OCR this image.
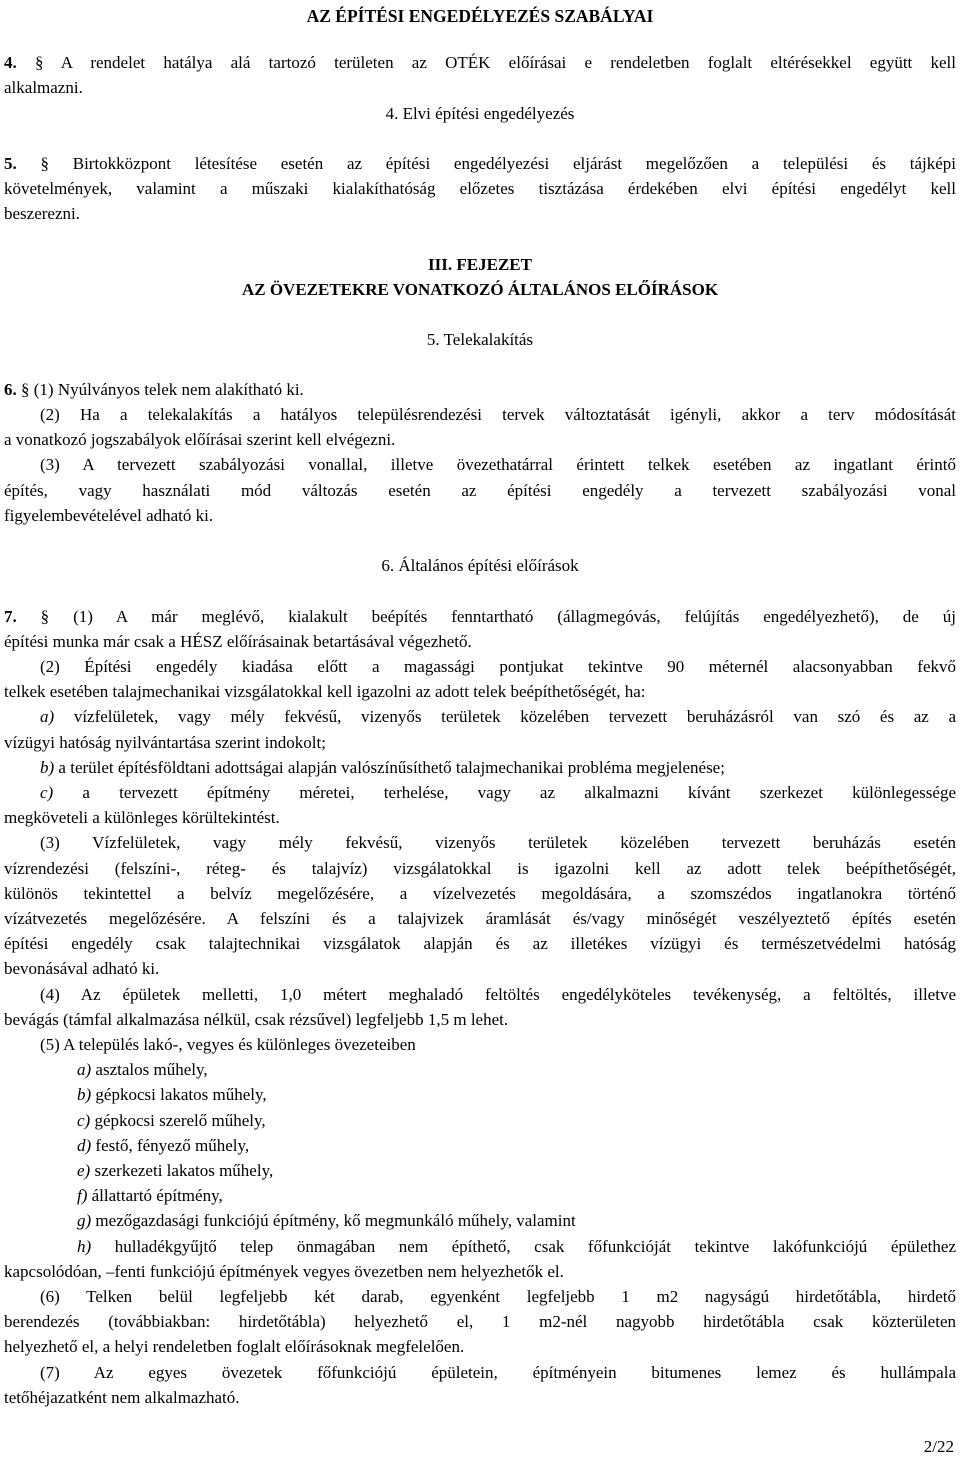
AZ ÉPÍTÉSI ENGEDÉLYEZÉS SZABÁLYAI
4. § A rendelet hatálya alá tartozó területen az OTÉK előírásai e rendeletben foglalt eltérésekkel együtt kell
alkalmazni.
4. Elvi építési engedélyezés
5. § Birtokközpont létesítése esetén az építési engedélyezési eljárást megelőzően a települési és tájképi
követelmények, valamint a műszaki kialakíthatóság előzetes tisztázása érdekében elvi építési engedélyt kell
beszerezni.
III. FEJEZET
AZ ÖVEZETEKRE VONATKOZÓ ÁLTALÁNOS ELŐÍRÁSOK
5. Telekalakítás
6. § (1) Nyúlványos telek nem alakítható ki.
(2) Ha a telekalakítás a hatályos településrendezési tervek változtatását igényli, akkor a terv módosítását
a vonatkozó jogszabályok előírásai szerint kell elvégezni.
(3) A tervezett szabályozási vonallal, illetve övezethatárral érintett telkek esetében az ingatlant érintő
építés, vagy használati mód változás esetén az építési engedély a tervezett szabályozási vonal
figyelembevételével adható ki.
6. Általános építési előírások
7. § (1) A már meglévő, kialakult beépítés fenntartható (állagmegóvás, felújítás engedélyezhető), de új
építési munka már csak a HÉSZ előírásainak betartásával végezhető.
(2) Építési engedély kiadása előtt a magassági pontjukat tekintve 90 méternél alacsonyabban fekvő
telkek esetében talajmechanikai vizsgálatokkal kell igazolni az adott telek beépíthetőségét, ha:
a) vízfelületek, vagy mély fekvésű, vizenyős területek közelében tervezett beruházásról van szó és az a
vízügyi hatóság nyilvántartása szerint indokolt;
b) a terület építésföldtani adottságai alapján valószínűsíthető talajmechanikai probléma megjelenése;
c) a tervezett építmény méretei, terhelése, vagy az alkalmazni kívánt szerkezet különlegessége
megkövetelі a különleges körültekintést.
(3) Vízfelületek, vagy mély fekvésű, vizenyős területek közelében tervezett beruházás esetén
vízrendezési (felszíni-, réteg- és talajvíz) vizsgálatokkal is igazolni kell az adott telek beépíthetőségét,
különös tekintettel a belvíz megelőzésére, a vízelvezetés megoldására, a szomszédos ingatlanokra történő
vízátvezetés megelőzésére. A felszíni és a talajvizek áramlását és/vagy minőségét veszélyeztető építés esetén
építési engedély csak talajtechnikai vizsgálatok alapján és az illetékes vízügyi és természetvédelmi hatóság
bevonásával adható ki.
(4) Az épületek melletti, 1,0 métert meghaladó feltöltés engedélyköteles tevékenység, a feltöltés, illetve
bevágás (támfal alkalmazása nélkül, csak rézsűvel) legfeljebb 1,5 m lehet.
(5) A település lakó-, vegyes és különleges övezeteiben
a) asztalos műhely,
b) gépkocsi lakatos műhely,
c) gépkocsi szerelő műhely,
d) festő, fényező műhely,
e) szerkezeti lakatos műhely,
f) állattartó építmény,
g) mezőgazdasági funkciójú építmény, kő megmunkáló műhely, valamint
h) hulladékgyűjtő telep önmagában nem építhető, csak főfunkcióját tekintve lakófunkciójú épülethez
kapcsolódóan, –fenti funkciójú építmények vegyes övezetben nem helyezhetők el.
(6) Telken belül legfeljebb két darab, egyenként legfeljebb 1 m2 nagyságú hirdetőtábla, hirdető
berendezés (továbbiakban: hirdetőtábla) helyezhető el, 1 m2-nél nagyobb hirdetőtábla csak közterületen
helyezhető el, a helyi rendeletben foglalt előírásoknak megfelelően.
(7) Az egyes övezetek főfunkciójú épületein, építményein bitumenes lemez és hullámpala
tetőhéjazatként nem alkalmazható.
2/22
